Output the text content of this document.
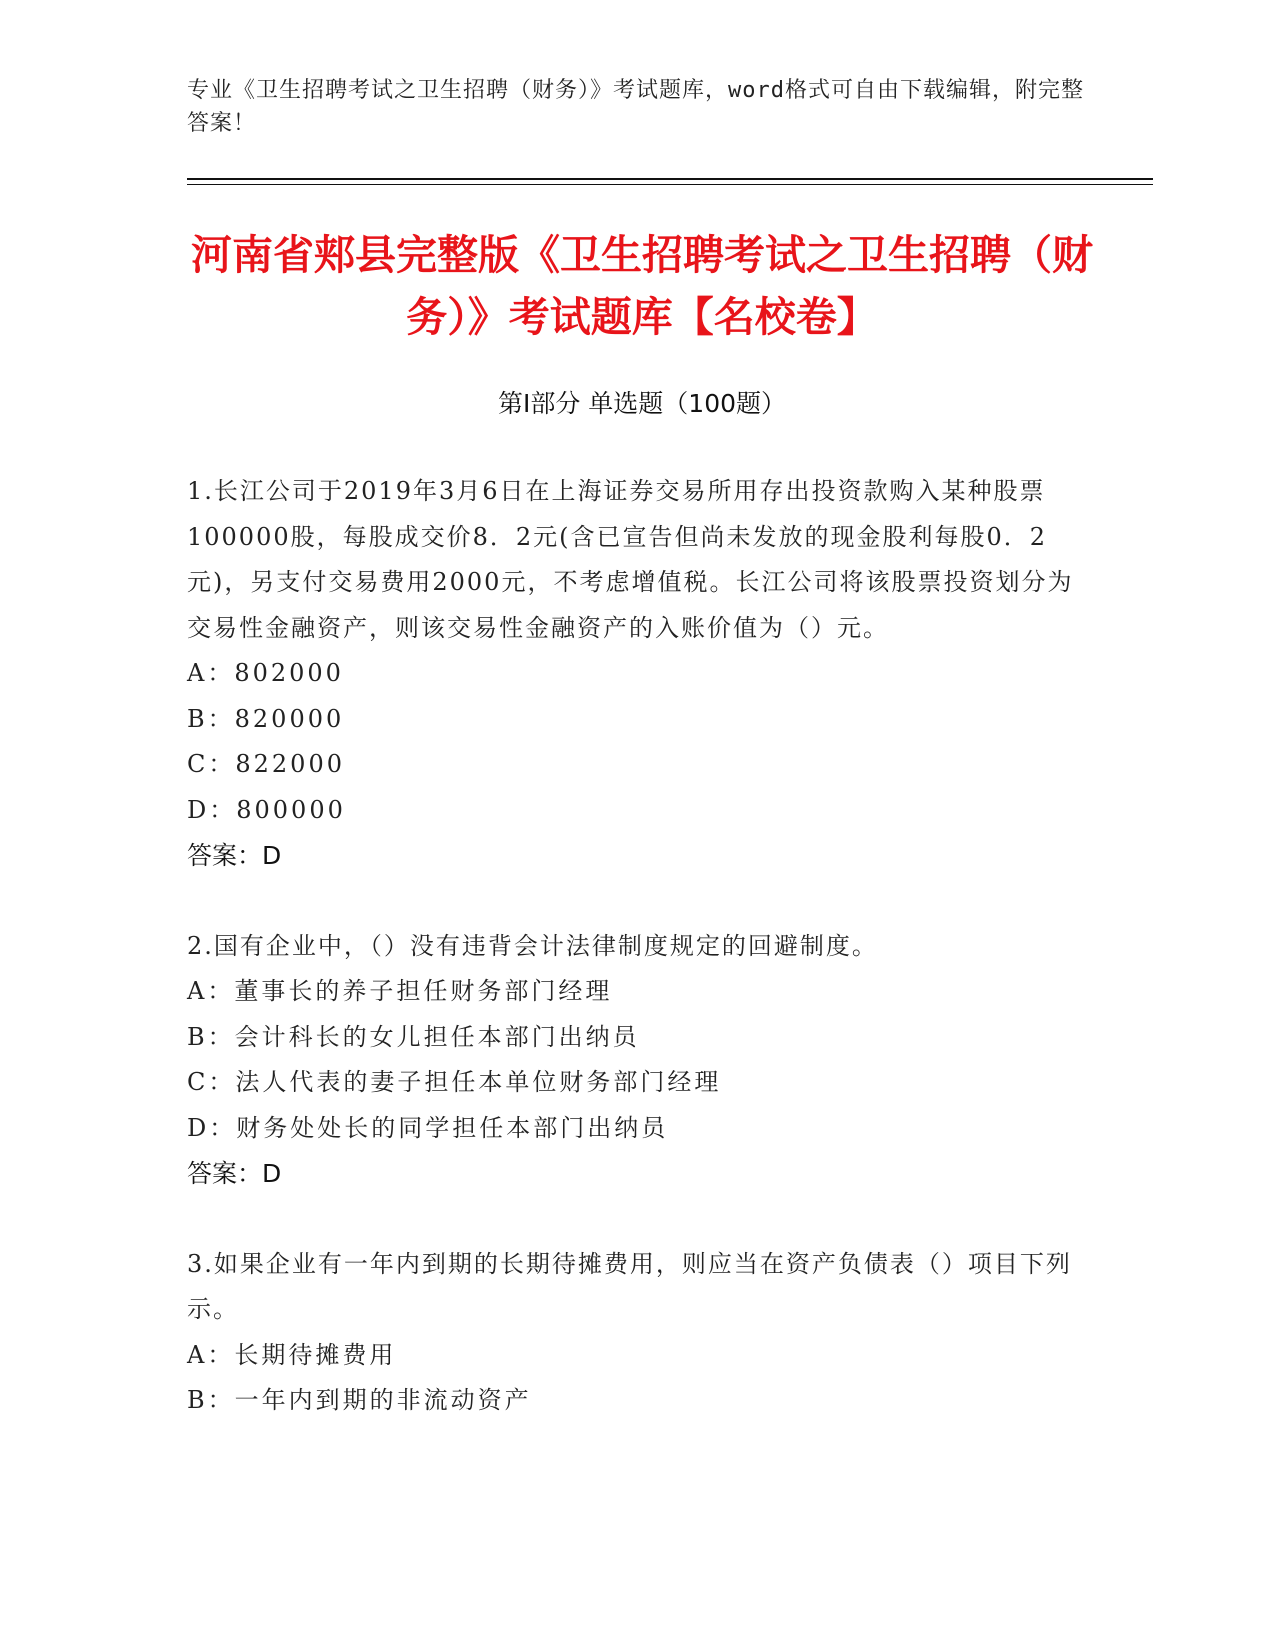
专业《卫生招聘考试之卫生招聘（财务）》考试题库，word格式可自由下载编辑，附完整答案！
河南省郏县完整版《卫生招聘考试之卫生招聘（财务）》考试题库【名校卷】
第Ⅰ部分 单选题（100题）

1.长江公司于2019年3月6日在上海证券交易所用存出投资款购入某种股票100000股，每股成交价8．2元(含已宣告但尚未发放的现金股利每股0．2元)，另支付交易费用2000元，不考虑增值税。长江公司将该股票投资划分为交易性金融资产，则该交易性金融资产的入账价值为（）元。

A：802000

B：820000

C：822000

D：800000

答案：D

2.国有企业中，（）没有违背会计法律制度规定的回避制度。

A：董事长的养子担任财务部门经理

B：会计科长的女儿担任本部门出纳员

C：法人代表的妻子担任本单位财务部门经理

D：财务处处长的同学担任本部门出纳员

答案：D

3.如果企业有一年内到期的长期待摊费用，则应当在资产负债表（）项目下列示。

A：长期待摊费用

B：一年内到期的非流动资产
